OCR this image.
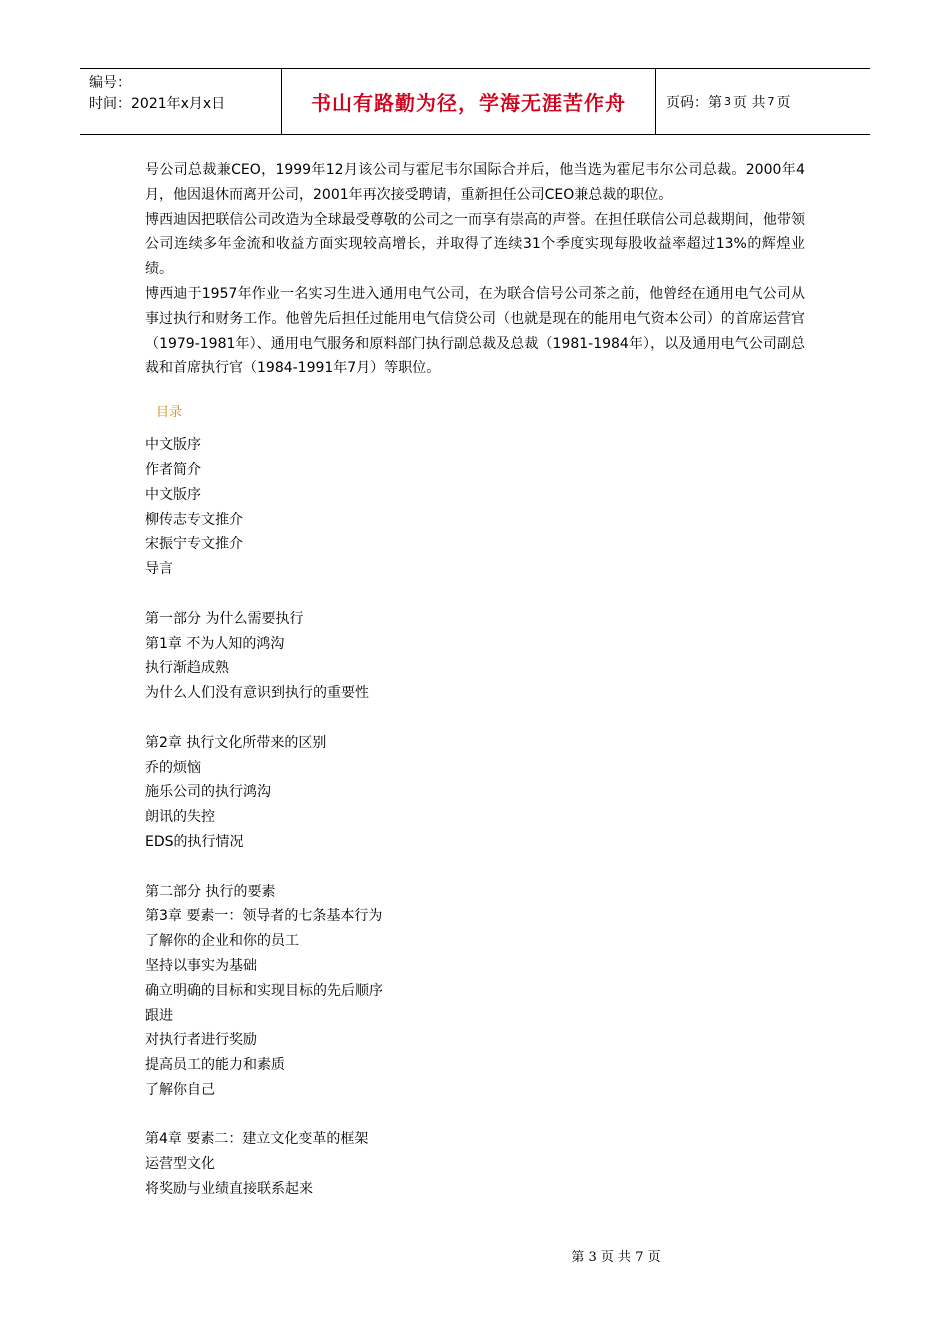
编号：
时间：2021年x月x日	书山有路勤为径，学海无涯苦作舟	页码：第 3 页 共 7 页

号公司总裁兼CEO，1999年12月该公司与霍尼韦尔国际合并后，他当选为霍尼韦尔公司总裁。2000年4月，他因退休而离开公司，2001年再次接受聘请，重新担任公司CEO兼总裁的职位。

博西迪因把联信公司改造为全球最受尊敬的公司之一而享有崇高的声誉。在担任联信公司总裁期间，他带领公司连续多年金流和收益方面实现较高增长，并取得了连续31个季度实现每股收益率超过13%的辉煌业绩。

博西迪于1957年作业一名实习生进入通用电气公司，在为联合信号公司茶之前，他曾经在通用电气公司从事过执行和财务工作。他曾先后担任过能用电气信贷公司（也就是现在的能用电气资本公司）的首席运营官（1979-1981年）、通用电气服务和原料部门执行副总裁及总裁（1981-1984年），以及通用电气公司副总裁和首席执行官（1984-1991年7月）等职位。

目录
中文版序
作者简介
中文版序
柳传志专文推介
宋振宁专文推介
导言
第一部分 为什么需要执行
第1章 不为人知的鸿沟
执行渐趋成熟
为什么人们没有意识到执行的重要性
第2章 执行文化所带来的区别
乔的烦恼
施乐公司的执行鸿沟
朗讯的失控
EDS的执行情况
第二部分 执行的要素
第3章 要素一：领导者的七条基本行为
了解你的企业和你的员工
坚持以事实为基础
确立明确的目标和实现目标的先后顺序
跟进
对执行者进行奖励
提高员工的能力和素质
了解你自己
第4章 要素二：建立文化变革的框架
运营型文化
将奖励与业绩直接联系起来
第 3 页 共 7 页
